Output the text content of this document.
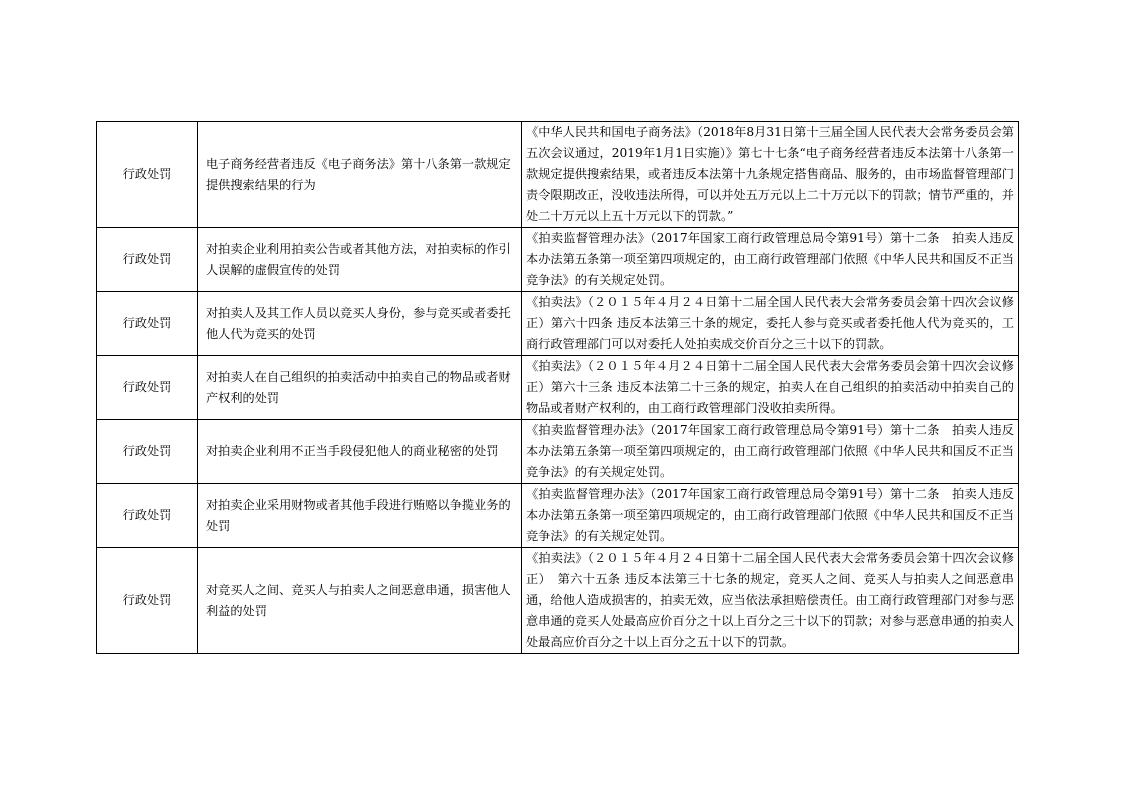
行政处罚	电子商务经营者违反《电子商务法》第十八条第一款规定提供搜索结果的行为	《中华人民共和国电子商务法》（2018年8月31日第十三届全国人民代表大会常务委员会第五次会议通过，2019年1月1日实施）》第七十七条“电子商务经营者违反本法第十八条第一款规定提供搜索结果，或者违反本法第十九条规定搭售商品、服务的，由市场监督管理部门责令限期改正，没收违法所得，可以并处五万元以上二十万元以下的罚款；情节严重的，并处二十万元以上五十万元以下的罚款。”
行政处罚	对拍卖企业利用拍卖公告或者其他方法，对拍卖标的作引人误解的虚假宣传的处罚	《拍卖监督管理办法》（2017年国家工商行政管理总局令第91号）第十二条　拍卖人违反本办法第五条第一项至第四项规定的，由工商行政管理部门依照《中华人民共和国反不正当竞争法》的有关规定处罚。
行政处罚	对拍卖人及其工作人员以竞买人身份，参与竞买或者委托他人代为竞买的处罚	《拍卖法》（２０１５年４月２４日第十二届全国人民代表大会常务委员会第十四次会议修正）第六十四条 违反本法第三十条的规定，委托人参与竞买或者委托他人代为竞买的，工商行政管理部门可以对委托人处拍卖成交价百分之三十以下的罚款。
行政处罚	对拍卖人在自己组织的拍卖活动中拍卖自己的物品或者财产权利的处罚	《拍卖法》（２０１５年４月２４日第十二届全国人民代表大会常务委员会第十四次会议修正）第六十三条 违反本法第二十三条的规定，拍卖人在自己组织的拍卖活动中拍卖自己的物品或者财产权利的，由工商行政管理部门没收拍卖所得。
行政处罚	对拍卖企业利用不正当手段侵犯他人的商业秘密的处罚	《拍卖监督管理办法》（2017年国家工商行政管理总局令第91号）第十二条　拍卖人违反本办法第五条第一项至第四项规定的，由工商行政管理部门依照《中华人民共和国反不正当竞争法》的有关规定处罚。
行政处罚	对拍卖企业采用财物或者其他手段进行贿赂以争揽业务的处罚	《拍卖监督管理办法》（2017年国家工商行政管理总局令第91号）第十二条　拍卖人违反本办法第五条第一项至第四项规定的，由工商行政管理部门依照《中华人民共和国反不正当竞争法》的有关规定处罚。
行政处罚	对竞买人之间、竞买人与拍卖人之间恶意串通，损害他人利益的处罚	《拍卖法》（２０１５年４月２４日第十二届全国人民代表大会常务委员会第十四次会议修正）　第六十五条 违反本法第三十七条的规定，竞买人之间、竞买人与拍卖人之间恶意串通，给他人造成损害的，拍卖无效，应当依法承担赔偿责任。由工商行政管理部门对参与恶意串通的竞买人处最高应价百分之十以上百分之三十以下的罚款；对参与恶意串通的拍卖人处最高应价百分之十以上百分之五十以下的罚款。
